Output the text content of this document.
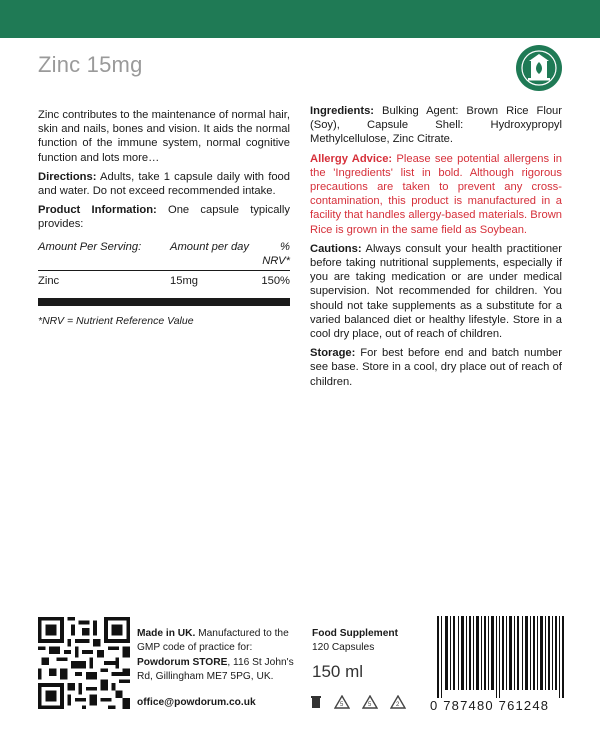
Zinc 15mg

Zinc contributes to the maintenance of normal hair, skin and nails, bones and vision. It aids the normal function of the immune system, normal cognitive function and lots more…

Directions: Adults, take 1 capsule daily with food and water. Do not exceed recommended intake.

Product Information: One capsule typically provides:

Amount Per Serving:	Amount per day	% NRV*
Zinc	15mg	150%
*NRV = Nutrient Reference Value

Ingredients: Bulking Agent: Brown Rice Flour (Soy), Capsule Shell: Hydroxypropyl Methylcellulose, Zinc Citrate.

Allergy Advice: Please see potential allergens in the 'Ingredients' list in bold. Although rigorous precautions are taken to prevent any cross-contamination, this product is manufactured in a facility that handles allergy-based materials. Brown Rice is grown in the same field as Soybean.

Cautions: Always consult your health practitioner before taking nutritional supplements, especially if you are taking medication or are under medical supervision. Not recommended for children. You should not take supplements as a substitute for a varied balanced diet or healthy lifestyle. Store in a cool dry place, out of reach of children.

Storage: For best before end and batch number see base. Store in a cool, dry place out of reach of children.

Made in UK. Manufactured to the GMP code of practice for: Powdorum STORE, 116 St John's Rd, Gillingham ME7 5PG, UK.
office@powdorum.co.uk
Food Supplement
120 Capsules
150 ml
5	5	2 0 787480 761248
